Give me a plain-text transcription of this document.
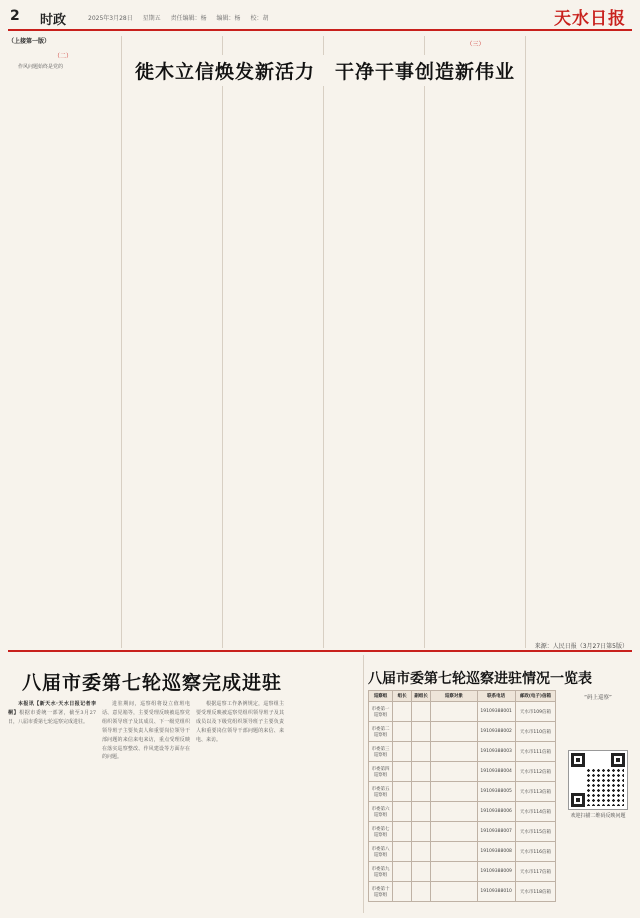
2 时政	2025年3月28日 星期五 责任编辑：杨 编辑：杨 校：胡	天水日报
（上接第一版）
（二）

作风问题始终是党的

（三）
徙木立信焕发新活力　干净干事创造新伟业
来源：人民日报（3月27日第5版）
八届市委第七轮巡察完成进驻

本报讯【新天水·天水日报记者李桐】根据市委统一部署，截至3月27日，八届市委第七轮巡察完成进驻。

进驻期间，巡察组将设立值班电话、意见箱等，主要受理反映被巡察党组织领导班子及其成员、下一级党组织领导班子主要负责人和重要岗位领导干部问题的来信来电来访，重点受理反映在落实巡察整改、作风建设等方面存在的问题。

根据巡察工作条例规定，巡察组主要受理反映被巡察党组织领导班子及其成员以及下级党组织领导班子主要负责人和重要岗位领导干部问题的来信、来电、来访。

八届市委第七轮巡察进驻情况一览表
巡察组	组长	副组长	巡察对象	联系电话	邮政(电子)信箱
市委第一巡察组				19109388001	天水市109信箱
市委第二巡察组				19109388002	天水市110信箱
市委第三巡察组				19109388003	天水市111信箱
市委第四巡察组				19109388004	天水市112信箱
市委第五巡察组				19109388005	天水市113信箱
市委第六巡察组				19109388006	天水市114信箱
市委第七巡察组				19109388007	天水市115信箱
市委第八巡察组				19109388008	天水市116信箱
市委第九巡察组				19109388009	天水市117信箱
市委第十巡察组				19109388010	天水市118信箱
“码上巡察”
欢迎扫描二维码反映问题
